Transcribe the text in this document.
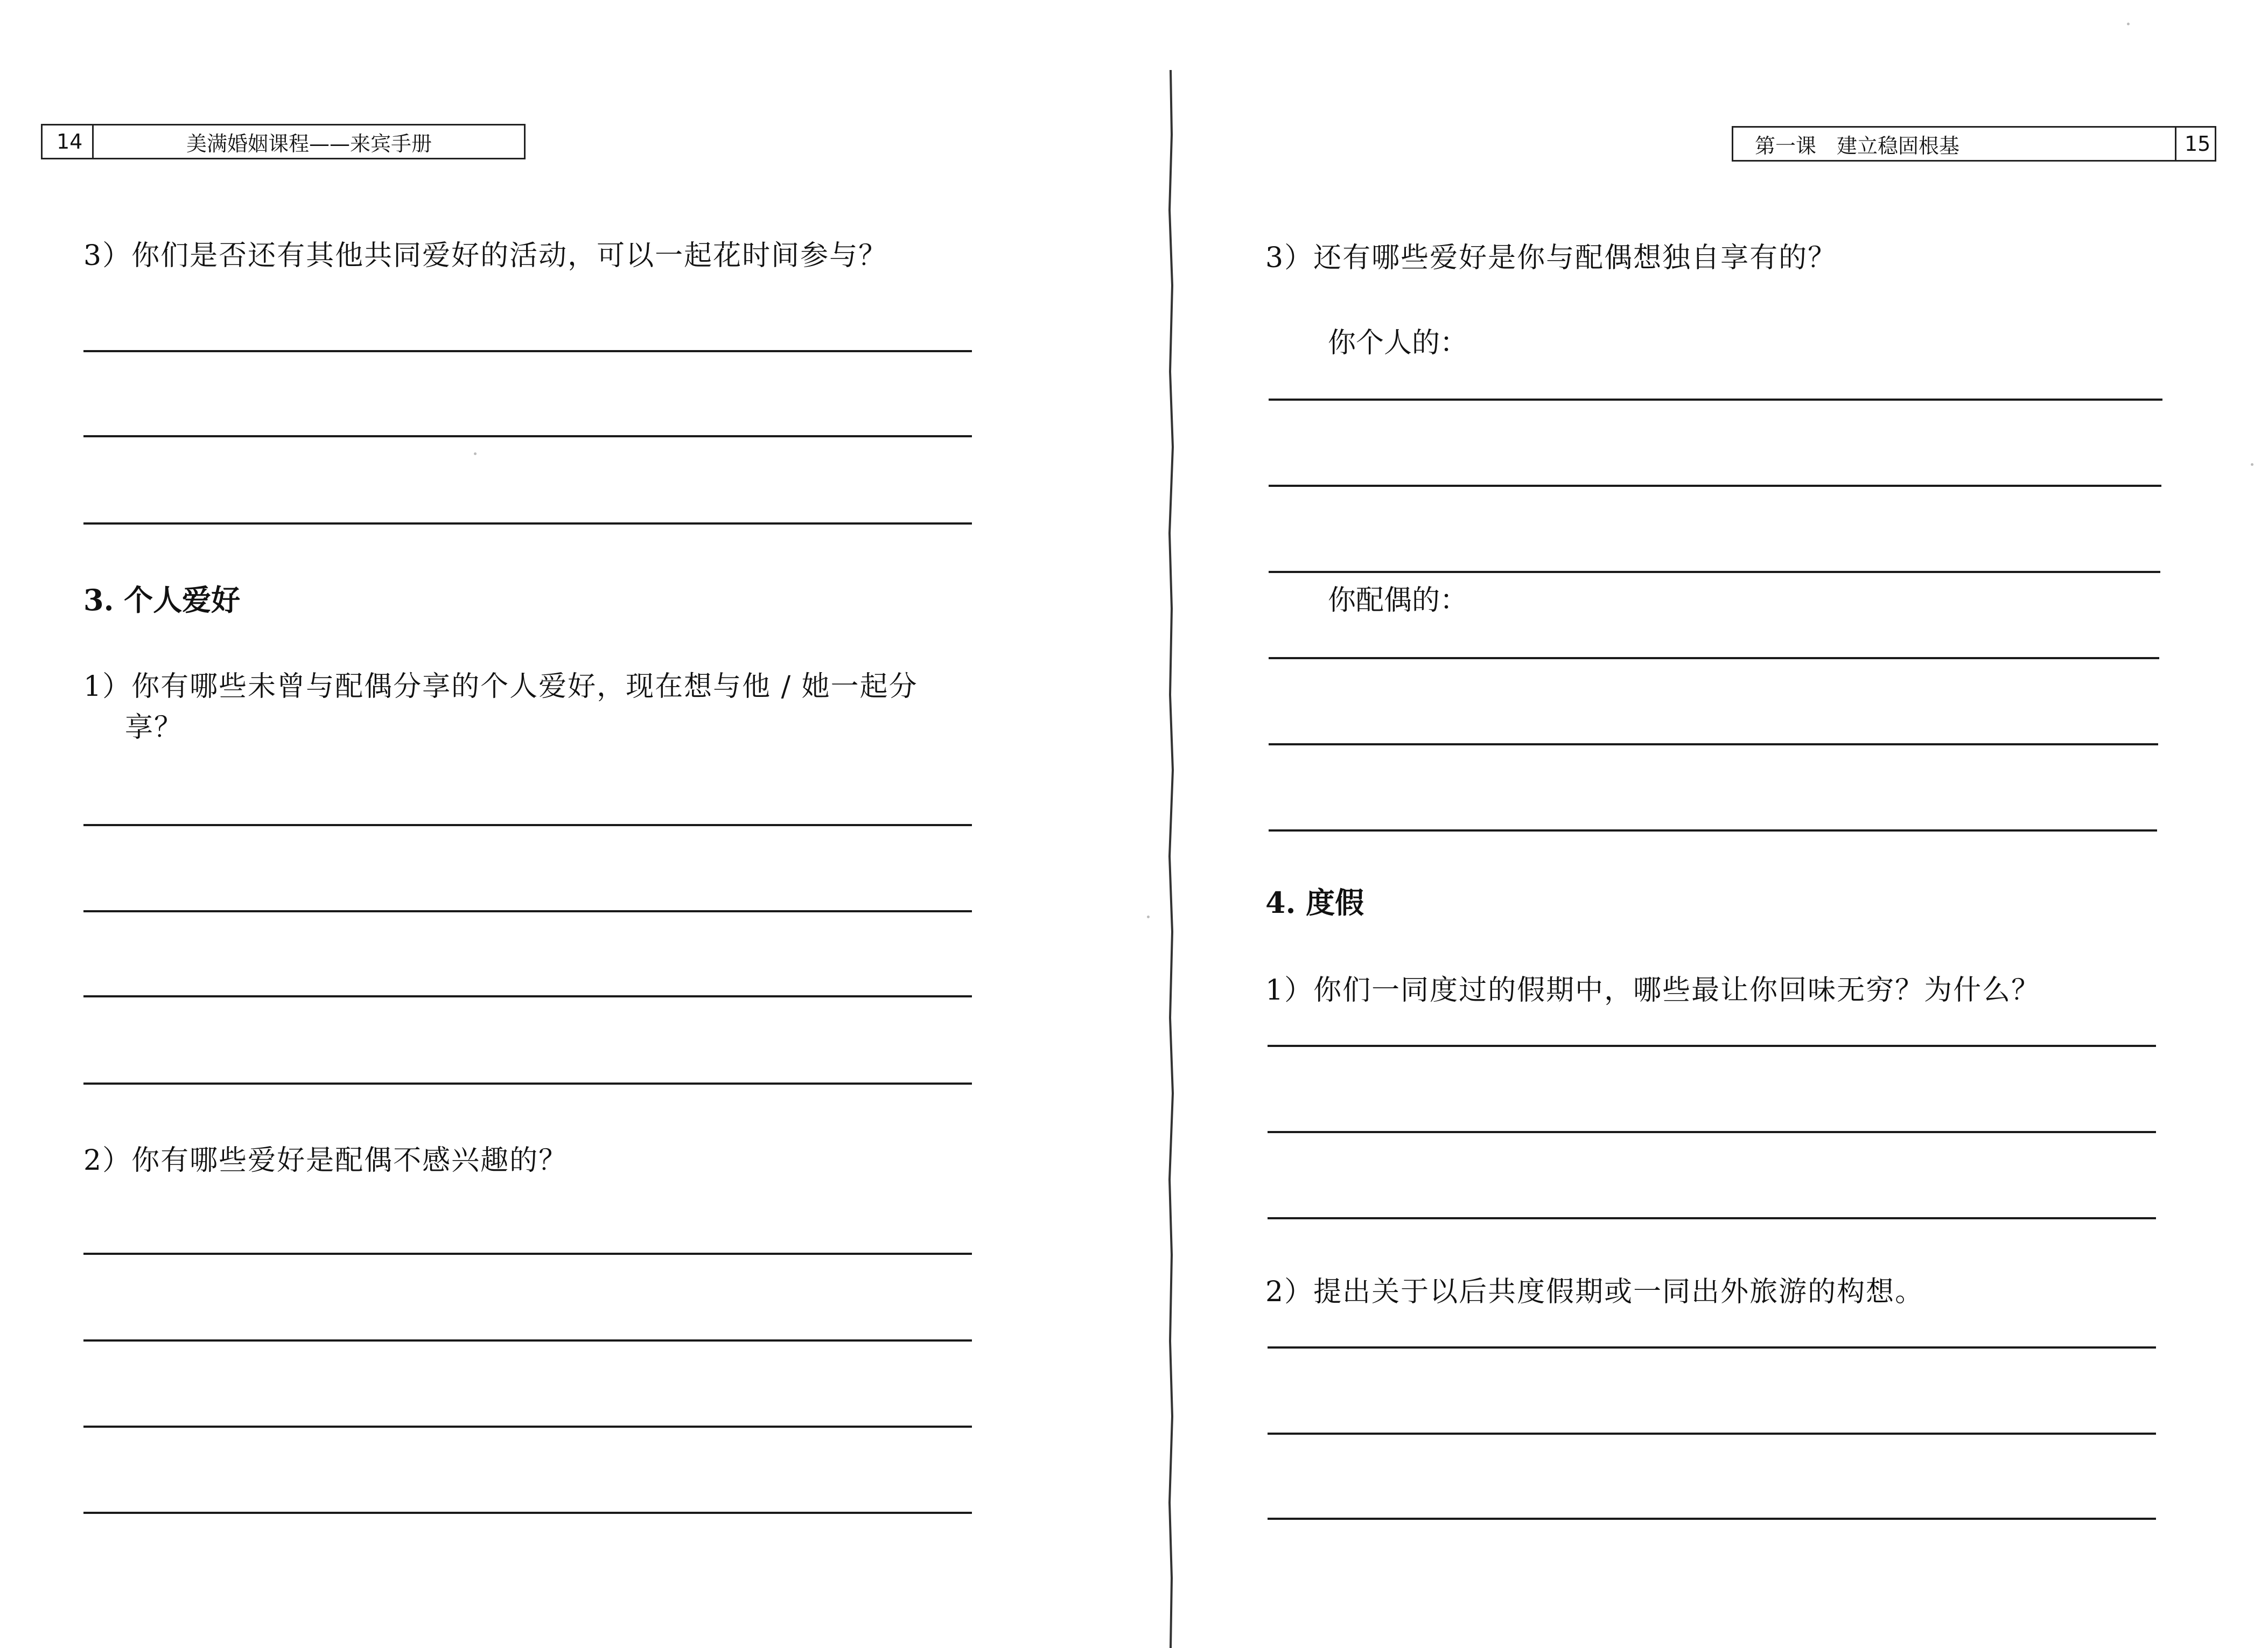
14	美满婚姻课程——来宾手册
3）你们是否还有其他共同爱好的活动，可以一起花时间参与？
3. 个人爱好
1）你有哪些未曾与配偶分享的个人爱好，现在想与他 / 她一起分
享？
2）你有哪些爱好是配偶不感兴趣的？
第一课　建立稳固根基	15
3）还有哪些爱好是你与配偶想独自享有的？
你个人的：
你配偶的：
4. 度假
1）你们一同度过的假期中，哪些最让你回味无穷？为什么？
2）提出关于以后共度假期或一同出外旅游的构想。
